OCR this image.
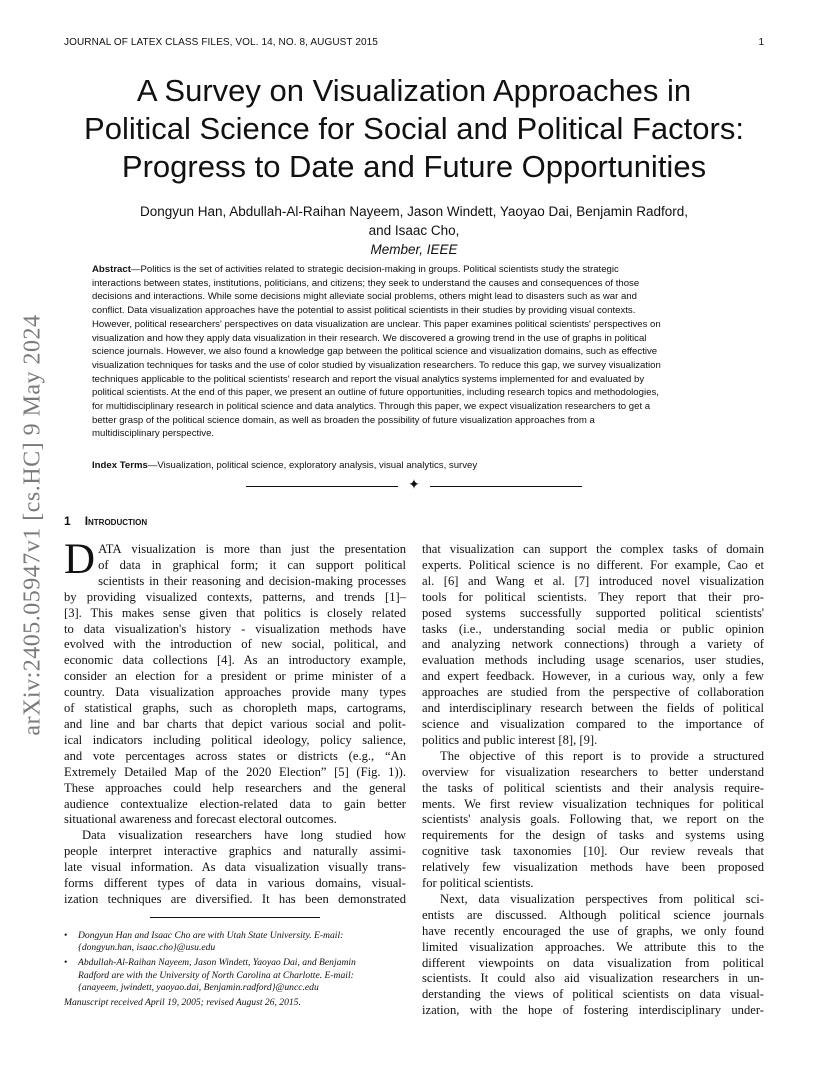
JOURNAL OF LATEX CLASS FILES, VOL. 14, NO. 8, AUGUST 2015	1
arXiv:2405.05947v1 [cs.HC] 9 May 2024
A Survey on Visualization Approaches in
Political Science for Social and Political Factors:
Progress to Date and Future Opportunities
Dongyun Han, Abdullah-Al-Raihan Nayeem, Jason Windett, Yaoyao Dai, Benjamin Radford,
and Isaac Cho,
Member, IEEE
Abstract—Politics is the set of activities related to strategic decision-making in groups. Political scientists study the strategic
interactions between states, institutions, politicians, and citizens; they seek to understand the causes and consequences of those
decisions and interactions. While some decisions might alleviate social problems, others might lead to disasters such as war and
conflict. Data visualization approaches have the potential to assist political scientists in their studies by providing visual contexts.
However, political researchers' perspectives on data visualization are unclear. This paper examines political scientists' perspectives on
visualization and how they apply data visualization in their research. We discovered a growing trend in the use of graphs in political
science journals. However, we also found a knowledge gap between the political science and visualization domains, such as effective
visualization techniques for tasks and the use of color studied by visualization researchers. To reduce this gap, we survey visualization
techniques applicable to the political scientists' research and report the visual analytics systems implemented for and evaluated by
political scientists. At the end of this paper, we present an outline of future opportunities, including research topics and methodologies,
for multidisciplinary research in political science and data analytics. Through this paper, we expect visualization researchers to get a
better grasp of the political science domain, as well as broaden the possibility of future visualization approaches from a
multidisciplinary perspective.
Index Terms—Visualization, political science, exploratory analysis, visual analytics, survey
✦
1 Introduction
D ATA visualization is more than just the presentation
of data in graphical form; it can support political
scientists in their reasoning and decision-making processes
by providing visualized contexts, patterns, and trends [1]–
[3]. This makes sense given that politics is closely related
to data visualization's history - visualization methods have
evolved with the introduction of new social, political, and
economic data collections [4]. As an introductory example,
consider an election for a president or prime minister of a
country. Data visualization approaches provide many types
of statistical graphs, such as choropleth maps, cartograms,
and line and bar charts that depict various social and polit-
ical indicators including political ideology, policy salience,
and vote percentages across states or districts (e.g., “An
Extremely Detailed Map of the 2020 Election” [5] (Fig. 1)).
These approaches could help researchers and the general
audience contextualize election-related data to gain better
situational awareness and forecast electoral outcomes.
Data visualization researchers have long studied how
people interpret interactive graphics and naturally assimi-
late visual information. As data visualization visually trans-
forms different types of data in various domains, visual-
ization techniques are diversified. It has been demonstrated
that visualization can support the complex tasks of domain
experts. Political science is no different. For example, Cao et
al. [6] and Wang et al. [7] introduced novel visualization
tools for political scientists. They report that their pro-
posed systems successfully supported political scientists'
tasks (i.e., understanding social media or public opinion
and analyzing network connections) through a variety of
evaluation methods including usage scenarios, user studies,
and expert feedback. However, in a curious way, only a few
approaches are studied from the perspective of collaboration
and interdisciplinary research between the fields of political
science and visualization compared to the importance of
politics and public interest [8], [9].
The objective of this report is to provide a structured
overview for visualization researchers to better understand
the tasks of political scientists and their analysis require-
ments. We first review visualization techniques for political
scientists' analysis goals. Following that, we report on the
requirements for the design of tasks and systems using
cognitive task taxonomies [10]. Our review reveals that
relatively few visualization methods have been proposed
for political scientists.
Next, data visualization perspectives from political sci-
entists are discussed. Although political science journals
have recently encouraged the use of graphs, we only found
limited visualization approaches. We attribute this to the
different viewpoints on data visualization from political
scientists. It could also aid visualization researchers in un-
derstanding the views of political scientists on data visual-
ization, with the hope of fostering interdisciplinary under-
• Dongyun Han and Isaac Cho are with Utah State University. E-mail:
{dongyun.han, isaac.cho}@usu.edu
• Abdullah-Al-Raihan Nayeem, Jason Windett, Yaoyao Dai, and Benjamin
Radford are with the University of North Carolina at Charlotte. E-mail:
{anayeem, jwindett, yaoyao.dai, Benjamin.radford}@uncc.edu
Manuscript received April 19, 2005; revised August 26, 2015.
